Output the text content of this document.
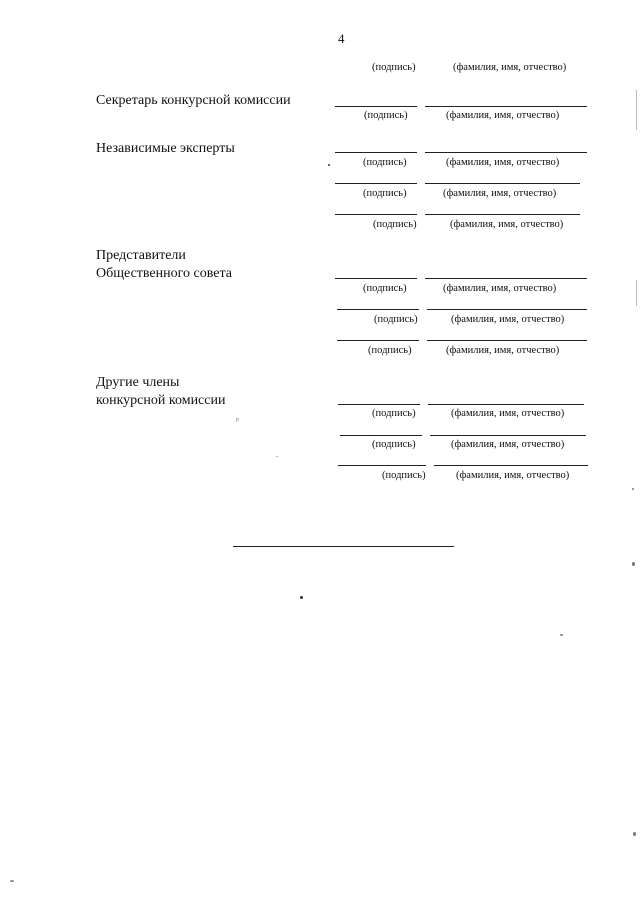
4
(подпись)	(фамилия, имя, отчество)
Секретарь конкурсной комиссии
(подпись)	(фамилия, имя, отчество)
Независимые эксперты
(подпись)	(фамилия, имя, отчество)
(подпись)	(фамилия, имя, отчество)
(подпись)	(фамилия, имя, отчество)
Представители
Общественного совета
(подпись)	(фамилия, имя, отчество)
(подпись)	(фамилия, имя, отчество)
(подпись)	(фамилия, имя, отчество)
Другие члены
конкурсной комиссии
ᵖ
(подпись)	(фамилия, имя, отчество)
(подпись)	(фамилия, имя, отчество)
(подпись)	(фамилия, имя, отчество)
